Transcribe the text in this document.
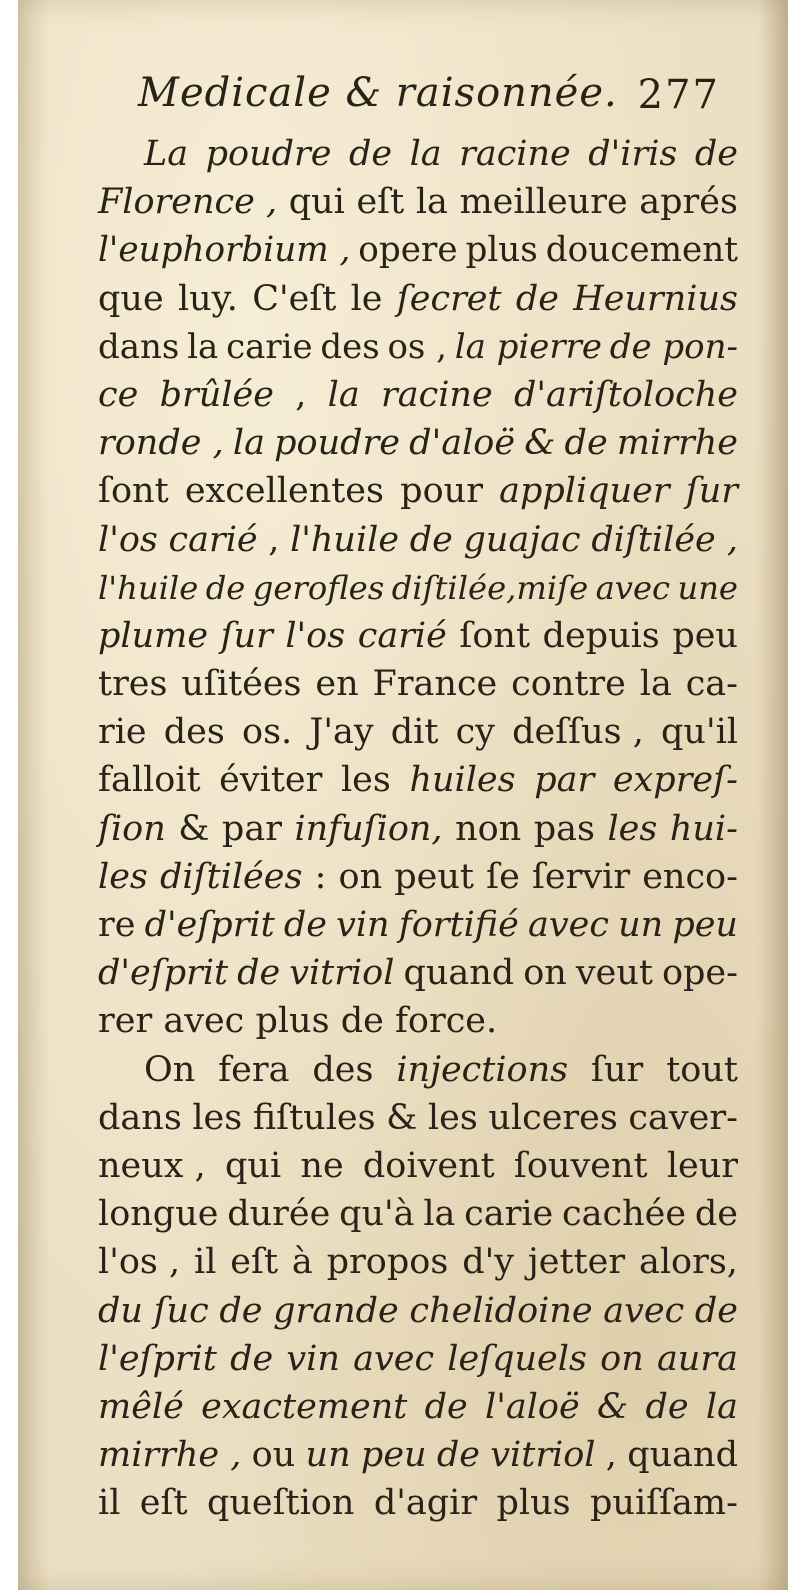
Medicale & raisonnée. 277
La poudre de la racine d'iris de
Florence , qui eſt la meilleure aprés
l'euphorbium , opere plus doucement
que luy. C'eſt le ſecret de Heurnius
dans la carie des os , la pierre de pon-
ce brûlée , la racine d'ariſtoloche
ronde , la poudre d'aloë & de mirrhe
ſont excellentes pour appliquer ſur
l'os carié , l'huile de guajac diſtilée ,
l'huile de gerofles diſtilée,miſe avec une
plume ſur l'os carié ſont depuis peu
tres uſitées en France contre la ca-
rie des os. J'ay dit cy deſſus , qu'il
falloit éviter les huiles par expreſ-
ſion & par infuſion, non pas les hui-
les diſtilées : on peut ſe ſervir enco-
re d'eſprit de vin fortifié avec un peu
d'eſprit de vitriol quand on veut ope-
rer avec plus de force.
On fera des injections ſur tout
dans les fiſtules & les ulceres caver-
neux , qui ne doivent ſouvent leur
longue durée qu'à la carie cachée de
l'os , il eſt à propos d'y jetter alors,
du ſuc de grande chelidoine avec de
l'eſprit de vin avec leſquels on aura
mêlé exactement de l'aloë & de la
mirrhe , ou un peu de vitriol , quand
il eſt queſtion d'agir plus puiſſam-
